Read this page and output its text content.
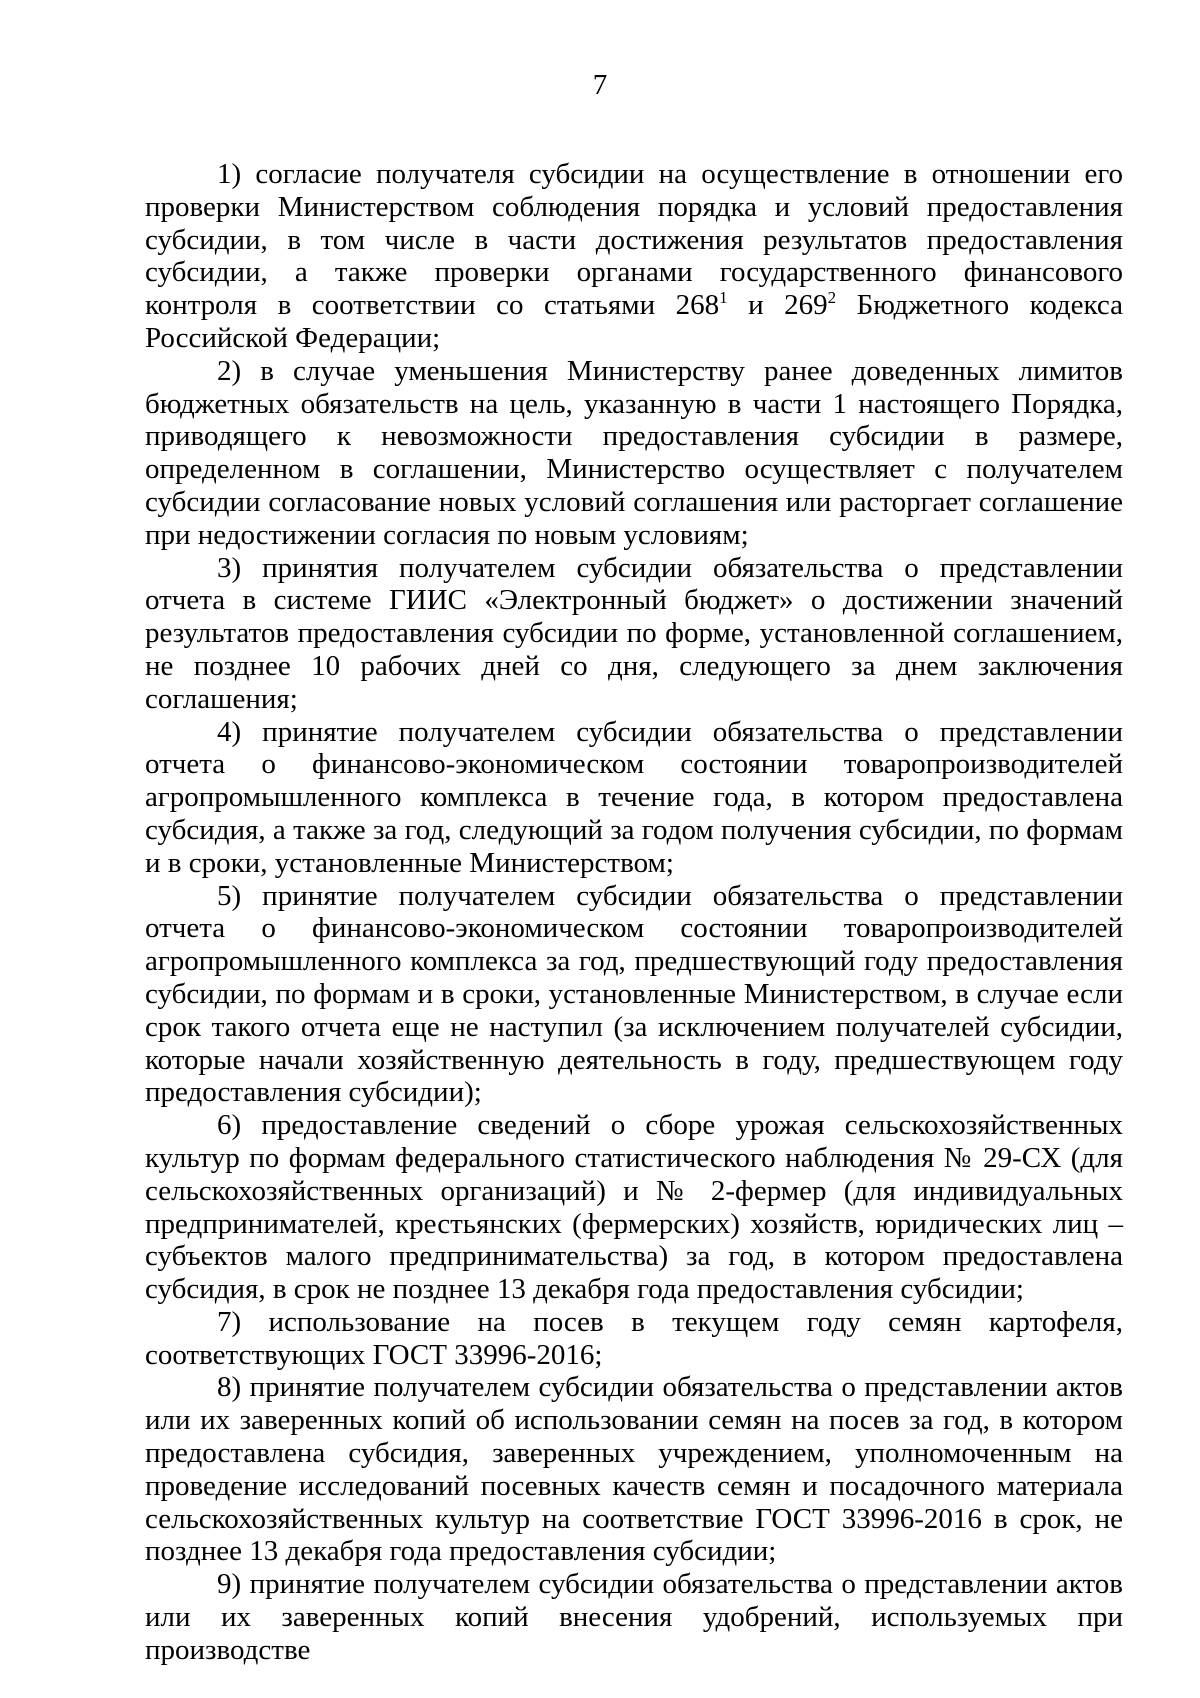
7

1) согласие получателя субсидии на осуществление в отношении его проверки Министерством соблюдения порядка и условий предоставления субсидии, в том числе в части достижения результатов предоставления субсидии, а также проверки органами государственного финансового контроля в соответствии со статьями $268^1$ и $269^2$ Бюджетного кодекса Российской Федерации;

2) в случае уменьшения Министерству ранее доведенных лимитов бюджетных обязательств на цель, указанную в части 1 настоящего Порядка, приводящего к невозможности предоставления субсидии в размере, определенном в соглашении, Министерство осуществляет с получателем субсидии согласование новых условий соглашения или расторгает соглашение при недостижении согласия по новым условиям;

3) принятия получателем субсидии обязательства о представлении отчета в системе ГИИС «Электронный бюджет» о достижении значений результатов предоставления субсидии по форме, установленной соглашением, не позднее 10 рабочих дней со дня, следующего за днем заключения соглашения;

4) принятие получателем субсидии обязательства о представлении отчета о финансово-экономическом состоянии товаропроизводителей агропромышленного комплекса в течение года, в котором предоставлена субсидия, а также за год, следующий за годом получения субсидии, по формам и в сроки, установленные Министерством;

5) принятие получателем субсидии обязательства о представлении отчета о финансово-экономическом состоянии товаропроизводителей агропромышленного комплекса за год, предшествующий году предоставления субсидии, по формам и в сроки, установленные Министерством, в случае если срок такого отчета еще не наступил (за исключением получателей субсидии, которые начали хозяйственную деятельность в году, предшествующем году предоставления субсидии);

6) предоставление сведений о сборе урожая сельскохозяйственных культур по формам федерального статистического наблюдения № 29-СХ (для сельскохозяйственных организаций) и № 2-фермер (для индивидуальных предпринимателей, крестьянских (фермерских) хозяйств, юридических лиц – субъектов малого предпринимательства) за год, в котором предоставлена субсидия, в срок не позднее 13 декабря года предоставления субсидии;

7) использование на посев в текущем году семян картофеля, соответствующих ГОСТ 33996-2016;

8) принятие получателем субсидии обязательства о представлении актов или их заверенных копий об использовании семян на посев за год, в котором предоставлена субсидия, заверенных учреждением, уполномоченным на проведение исследований посевных качеств семян и посадочного материала сельскохозяйственных культур на соответствие ГОСТ 33996-2016 в срок, не позднее 13 декабря года предоставления субсидии;

9) принятие получателем субсидии обязательства о представлении актов или их заверенных копий внесения удобрений, используемых при производстве
